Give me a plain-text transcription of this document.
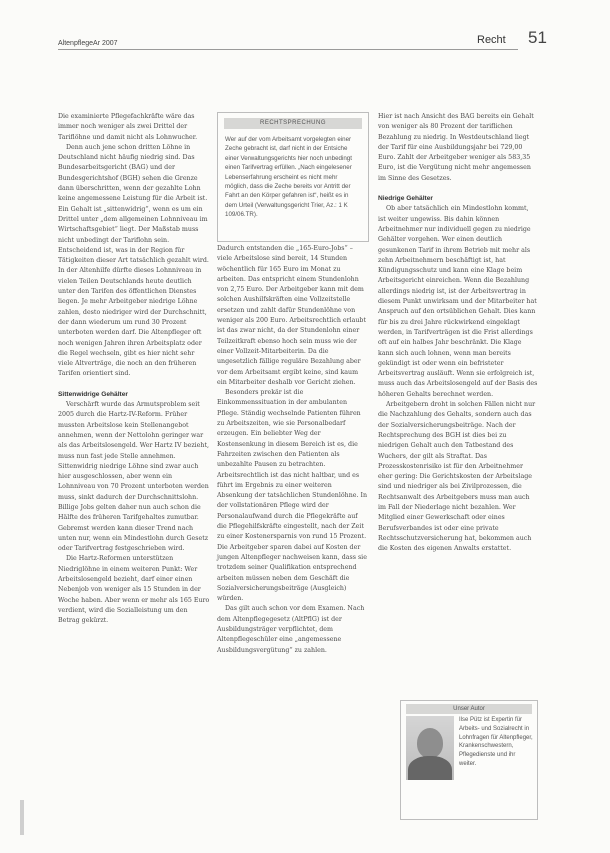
AltenpflegeAr 2007	Recht 51

Die examinierte Pflegefachkräfte wäre das immer noch weniger als zwei Drittel der Tariflöhne und damit nicht als Lohnwucher.

Denn auch jene schon dritten Löhne in Deutschland nicht häufig niedrig sind. Das Bundesarbeitsgericht (BAG) und der Bundesgerichtshof (BGH) sehen die Grenze dann überschritten, wenn der gezahlte Lohn keine angemessene Leistung für die Arbeit ist. Ein Gehalt ist „sittenwidrig“, wenn es um ein Drittel unter „dem allgemeinen Lohnniveau im Wirtschaftsgebiet“ liegt. Der Maßstab muss nicht unbedingt der Tariflohn sein. Entscheidend ist, was in der Region für Tätigkeiten dieser Art tatsächlich gezahlt wird. In der Altenhilfe dürfte dieses Lohnniveau in vielen Teilen Deutschlands heute deutlich unter den Tarifen des öffentlichen Dienstes liegen. Je mehr Arbeitgeber niedrige Löhne zahlen, desto niedriger wird der Durchschnitt, der dann wiederum um rund 30 Prozent unterboten werden darf. Die Altenpfleger oft noch wenigen Jahren ihren Arbeitsplatz oder die Regel wechseln, gibt es hier nicht sehr viele Altverträge, die noch an den früheren Tarifen orientiert sind.

Sittenwidrige Gehälter

Verschärft wurde das Armutsproblem seit 2005 durch die Hartz-IV-Reform. Früher mussten Arbeitslose kein Stellenangebot annehmen, wenn der Nettolohn geringer war als das Arbeitslosengeld. Wer Hartz IV bezieht, muss nun fast jede Stelle annehmen. Sittenwidrig niedrige Löhne sind zwar auch hier ausgeschlossen, aber wenn ein Lohnniveau von 70 Prozent unterboten werden muss, sinkt dadurch der Durchschnittslohn. Billige Jobs gelten daher nun auch schon die Hälfte des früheren Tarifgehaltes zumutbar. Gebremst werden kann dieser Trend nach unten nur, wenn ein Mindestlohn durch Gesetz oder Tarifvertrag festgeschrieben wird.

Die Hartz-Reformen unterstützen Niedriglöhne in einem weiteren Punkt: Wer Arbeitslosengeld bezieht, darf einer einen Nebenjob von weniger als 15 Stunden in der Woche haben. Aber wenn er mehr als 165 Euro verdient, wird die Sozialleistung um den Betrag gekürzt.

RECHTSPRECHUNG
Wer auf der vom Arbeitsamt vorgelegten einer Zeche gebracht ist, darf nicht in der Entsiche einer Verwaltungsgerichts hier noch unbedingt einen Tarifvertrag erfüllen. „Nach eingelesener Lebenserfahrung erscheint es nicht mehr möglich, dass die Zeche bereits vor Antritt der Fahrt an den Körper gefahren ist“, heißt es in dem Urteil (Verwaltungsgericht Trier, Az.: 1 K 109/06.TR).

Dadurch entstanden die „165-Euro-Jobs“ – viele Arbeitslose sind bereit, 14 Stunden wöchentlich für 165 Euro im Monat zu arbeiten. Das entspricht einem Stundenlohn von 2,75 Euro. Der Arbeitgeber kann mit dem solchen Aushilfskräften eine Vollzeitstelle ersetzen und zahlt dafür Stundenlöhne von weniger als 200 Euro. Arbeitsrechtlich erlaubt ist das zwar nicht, da der Stundenlohn einer Teilzeitkraft ebenso hoch sein muss wie der einer Vollzeit-Mitarbeiterin. Da die ungesetzlich fällige reguläre Bezahlung aber vor dem Arbeitsamt ergibt keine, sind kaum ein Mitarbeiter deshalb vor Gericht ziehen.

Besonders prekär ist die Einkommenssituation in der ambulanten Pflege. Ständig wechselnde Patienten führen zu Arbeitszeiten, wie sie Personalbedarf erzeugen. Ein beliebter Weg der Kostensenkung in diesem Bereich ist es, die Fahrzeiten zwischen den Patienten als unbezahlte Pausen zu betrachten. Arbeitsrechtlich ist das nicht haltbar, und es führt im Ergebnis zu einer weiteren Absenkung der tatsächlichen Stundenlöhne. In der vollstationären Pflege wird der Personalaufwand durch die Pflegekräfte auf die Pflegehilfskräfte eingestellt, nach der Zeit zu einer Kostenersparnis von rund 15 Prozent. Die Arbeitgeber sparen dabei auf Kosten der jungen Altenpfleger nachweisen kann, dass sie trotzdem seiner Qualifikation entsprechend arbeiten müssen neben dem Geschäft die Sozialversicherungsbeiträge (Ausgleich) würden.

Das gilt auch schon vor dem Examen. Nach dem Altenpflegegesetz (AltPflG) ist der Ausbildungsträger verpflichtet, dem Altenpflegeschüler eine „angemessene Ausbildungsvergütung“ zu zahlen.

Hier ist nach Ansicht des BAG bereits ein Gehalt von weniger als 80 Prozent der tariflichen Bezahlung zu niedrig. In Westdeutschland liegt der Tarif für eine Ausbildungsjahr bei 729,00 Euro. Zahlt der Arbeitgeber weniger als 583,35 Euro, ist die Vergütung nicht mehr angemessen im Sinne des Gesetzes.

Niedrige Gehälter

Ob aber tatsächlich ein Mindestlohn kommt, ist weiter ungewiss. Bis dahin können Arbeitnehmer nur individuell gegen zu niedrige Gehälter vorgehen. Wer einen deutlich gesunkenen Tarif in ihrem Betrieb mit mehr als zehn Arbeitnehmern beschäftigt ist, hat Kündigungsschutz und kann eine Klage beim Arbeitsgericht einreichen. Wenn die Bezahlung allerdings niedrig ist, ist der Arbeitsvertrag in diesem Punkt unwirksam und der Mitarbeiter hat Anspruch auf den ortsüblichen Gehalt. Dies kann für bis zu drei Jahre rückwirkend eingeklagt werden, in Tarifverträgen ist die Frist allerdings oft auf ein halbes Jahr beschränkt. Die Klage kann sich auch lohnen, wenn man bereits gekündigt ist oder wenn ein befristeter Arbeitsvertrag ausläuft. Wenn sie erfolgreich ist, muss auch das Arbeitslosengeld auf der Basis des höheren Gehalts berechnet werden.

Arbeitgebern droht in solchen Fällen nicht nur die Nachzahlung des Gehalts, sondern auch das der Sozialversicherungsbeiträge. Nach der Rechtsprechung des BGH ist dies bei zu niedrigen Gehalt auch den Tatbestand des Wuchers, der gilt als Straftat. Das Prozesskostenrisiko ist für den Arbeitnehmer eher gering: Die Gerichtskosten der Arbeitslage sind und niedriger als bei Zivilprozessen, die Rechtsanwalt des Arbeitgebers muss man auch im Fall der Niederlage nicht bezahlen. Wer Mitglied einer Gewerkschaft oder eines Berufsverbandes ist oder eine private Rechtsschutzversicherung hat, bekommen auch die Kosten des eigenen Anwalts erstattet.

Unser Autor
Ilse Pütz ist Expertin für Arbeits- und Sozialrecht in Lohnfragen für Altenpfleger, Krankenschwestern, Pflegedienste und ihr weiter.
